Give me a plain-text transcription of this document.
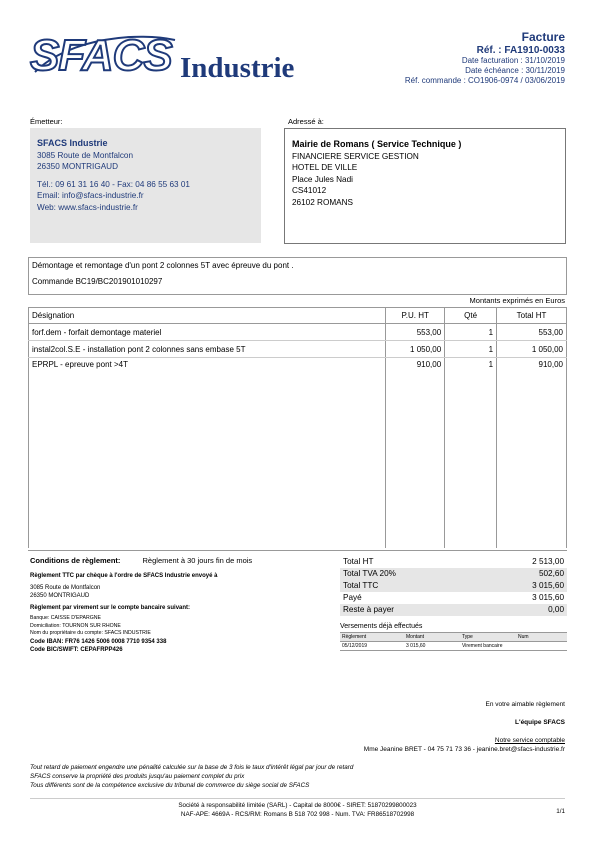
SFACS Industrie
Facture
Réf. : FA1910-0033
Date facturation : 31/10/2019
Date échéance : 30/11/2019
Réf. commande : CO1906-0974 / 03/06/2019
Émetteur:	Adressé à:
SFACS Industrie
3085 Route de Montfalcon
26350 MONTRIGAUD
Tél.: 09 61 31 16 40 - Fax: 04 86 55 63 01
Email: info@sfacs-industrie.fr
Web: www.sfacs-industrie.fr
Mairie de Romans ( Service Technique )
FINANCIERE SERVICE GESTION
HOTEL DE VILLE
Place Jules Nadi
CS41012
26102 ROMANS
Démontage et remontage d'un pont 2 colonnes 5T avec épreuve du pont .
Commande BC19/BC201901010297
Montants exprimés en Euros
Désignation	P.U. HT	Qté	Total HT
forf.dem - forfait demontage materiel	553,00	1	553,00
instal2col.S.E - installation pont 2 colonnes sans embase 5T	1 050,00	1	1 050,00
EPRPL - epreuve pont >4T	910,00	1	910,00
Conditions de règlement:	Règlement à 30 jours fin de mois
Règlement TTC par chèque à l'ordre de SFACS Industrie envoyé à
3085 Route de Montfalcon
26350 MONTRIGAUD
Règlement par virement sur le compte bancaire suivant:
Banque: CAISSE D'EPARGNE
Domiciliation: TOURNON SUR RHONE
Nom du propriétaire du compte: SFACS INDUSTRIE
Code IBAN: FR76 1426 5006 0008 7710 9354 338
Code BIC/SWIFT: CEPAFRPP426
Total HT	2 513,00
Total TVA 20%	502,60
Total TTC	3 015,60
Payé	3 015,60
Reste à payer	0,00
Versements déjà effectués
Règlement	Montant	Type	Num
05/12/2019	3 015,60	Virement bancaire	
En votre aimable règlement
L'équipe SFACS
Notre service comptable
Mme Jeanine BRET - 04 75 71 73 36 - jeanine.bret@sfacs-industrie.fr
Tout retard de paiement engendre une pénalité calculée sur la base de 3 fois le taux d'intérêt légal par jour de retard
SFACS conserve la propriété des produits jusqu'au paiement complet du prix
Tous différents sont de la compétence exclusive du tribunal de commerce du siège social de SFACS
Société à responsabilité limitée (SARL) - Capital de 8000€ - SIRET: 51870299800023
NAF-APE: 4669A - RCS/RM: Romans B 518 702 998 - Num. TVA: FR86518702998	1/1
